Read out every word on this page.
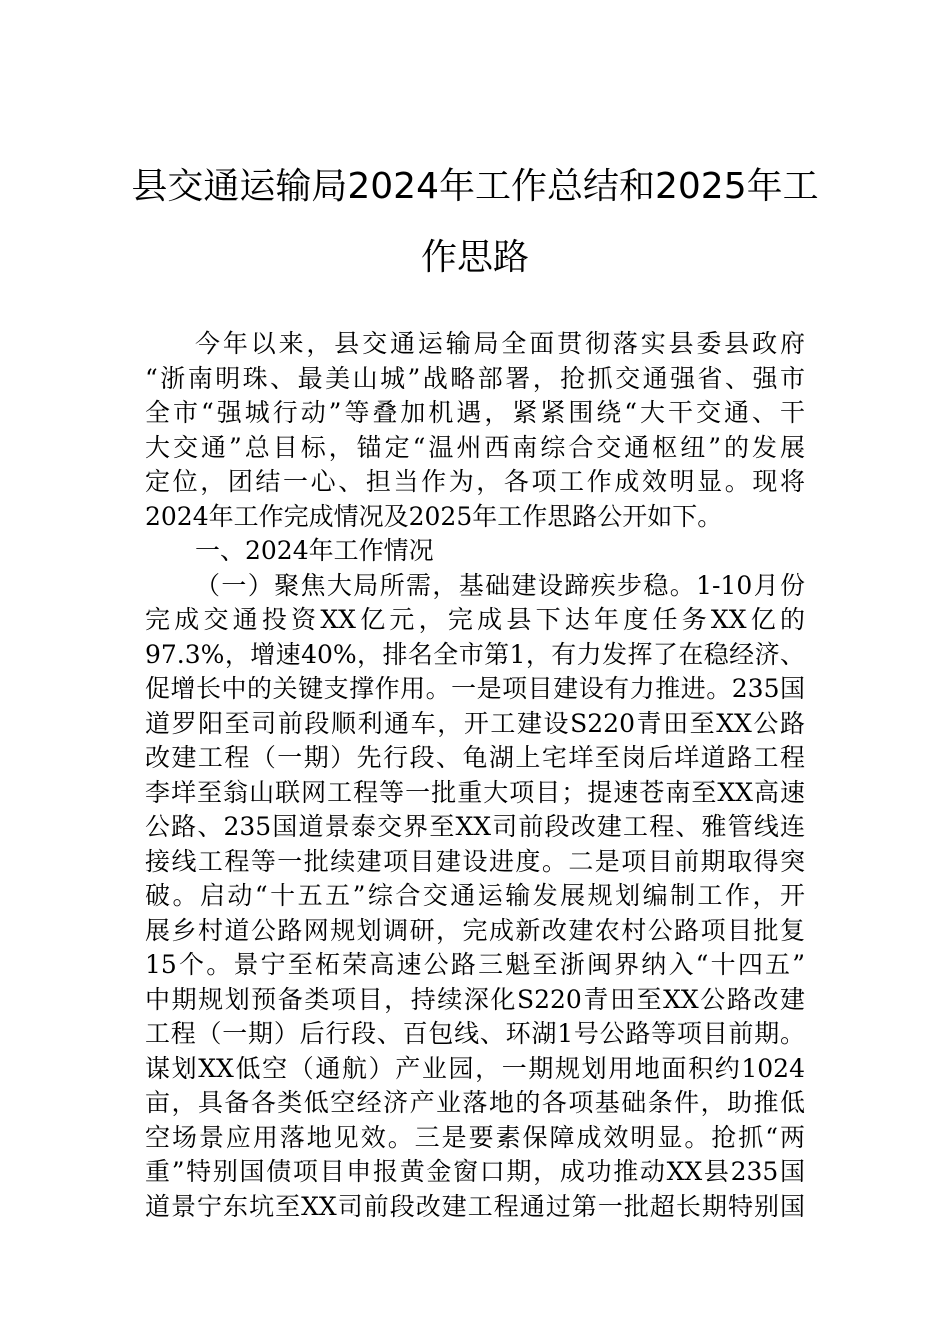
县交通运输局2024年工作总结和2025年工
作思路
今年以来，县交通运输局全面贯彻落实县委县政府
“浙南明珠、最美山城”战略部署，抢抓交通强省、强市
全市“强城行动”等叠加机遇，紧紧围绕“大干交通、干
大交通”总目标，锚定“温州西南综合交通枢纽”的发展
定位，团结一心、担当作为，各项工作成效明显。现将
2024年工作完成情况及2025年工作思路公开如下。
一、2024年工作情况
（一）聚焦大局所需，基础建设蹄疾步稳。1-10月份
完成交通投资XX亿元，完成县下达年度任务XX亿的
97.3%，增速40%，排名全市第1，有力发挥了在稳经济、
促增长中的关键支撑作用。一是项目建设有力推进。235国
道罗阳至司前段顺利通车，开工建设S220青田至XX公路
改建工程（一期）先行段、龟湖上宅垟至岗后垟道路工程
李垟至翁山联网工程等一批重大项目；提速苍南至XX高速
公路、235国道景泰交界至XX司前段改建工程、雅管线连
接线工程等一批续建项目建设进度。二是项目前期取得突
破。启动“十五五”综合交通运输发展规划编制工作，开
展乡村道公路网规划调研，完成新改建农村公路项目批复
15个。景宁至柘荣高速公路三魁至浙闽界纳入“十四五”
中期规划预备类项目，持续深化S220青田至XX公路改建
工程（一期）后行段、百包线、环湖1号公路等项目前期。
谋划XX低空（通航）产业园，一期规划用地面积约1024
亩，具备各类低空经济产业落地的各项基础条件，助推低
空场景应用落地见效。三是要素保障成效明显。抢抓“两
重”特别国债项目申报黄金窗口期，成功推动XX县235国
道景宁东坑至XX司前段改建工程通过第一批超长期特别国
